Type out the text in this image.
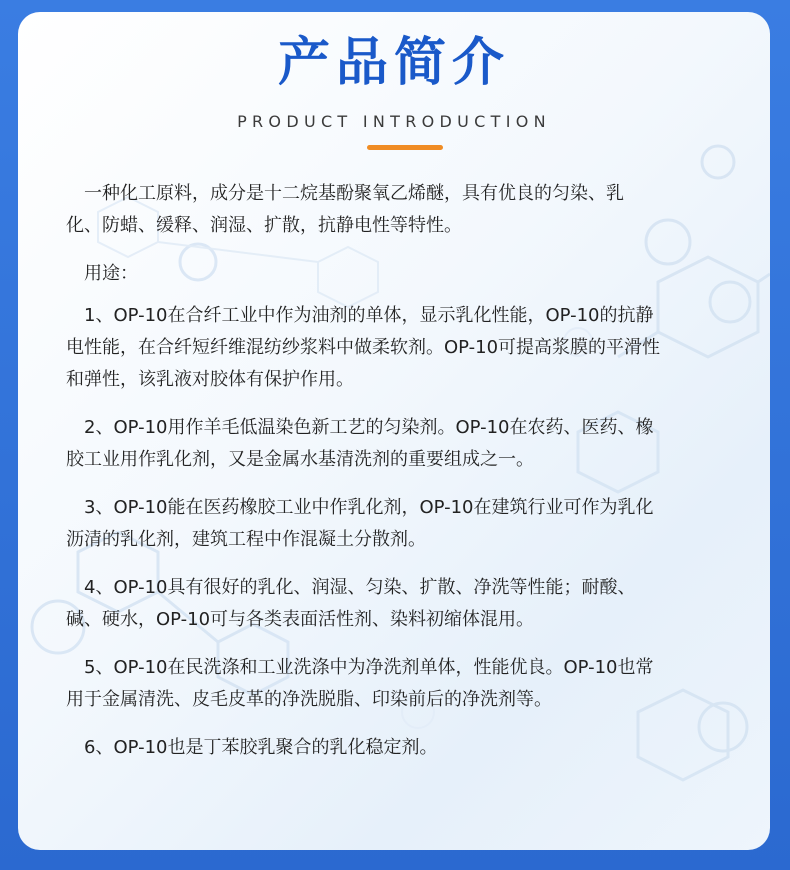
产品简介
PRODUCT INTRODUCTION

一种化工原料，成分是十二烷基酚聚氧乙烯醚，具有优良的匀染、乳
化、防蜡、缓释、润湿、扩散，抗静电性等特性。

用途：

1、OP-10在合纤工业中作为油剂的单体，显示乳化性能，OP-10的抗静
电性能，在合纤短纤维混纺纱浆料中做柔软剂。OP-10可提高浆膜的平滑性
和弹性，该乳液对胶体有保护作用。

2、OP-10用作羊毛低温染色新工艺的匀染剂。OP-10在农药、医药、橡
胶工业用作乳化剂，又是金属水基清洗剂的重要组成之一。

3、OP-10能在医药橡胶工业中作乳化剂，OP-10在建筑行业可作为乳化
沥清的乳化剂，建筑工程中作混凝土分散剂。

4、OP-10具有很好的乳化、润湿、匀染、扩散、净洗等性能；耐酸、
碱、硬水，OP-10可与各类表面活性剂、染料初缩体混用。

5、OP-10在民洗涤和工业洗涤中为净洗剂单体，性能优良。OP-10也常
用于金属清洗、皮毛皮革的净洗脱脂、印染前后的净洗剂等。

6、OP-10也是丁苯胶乳聚合的乳化稳定剂。
